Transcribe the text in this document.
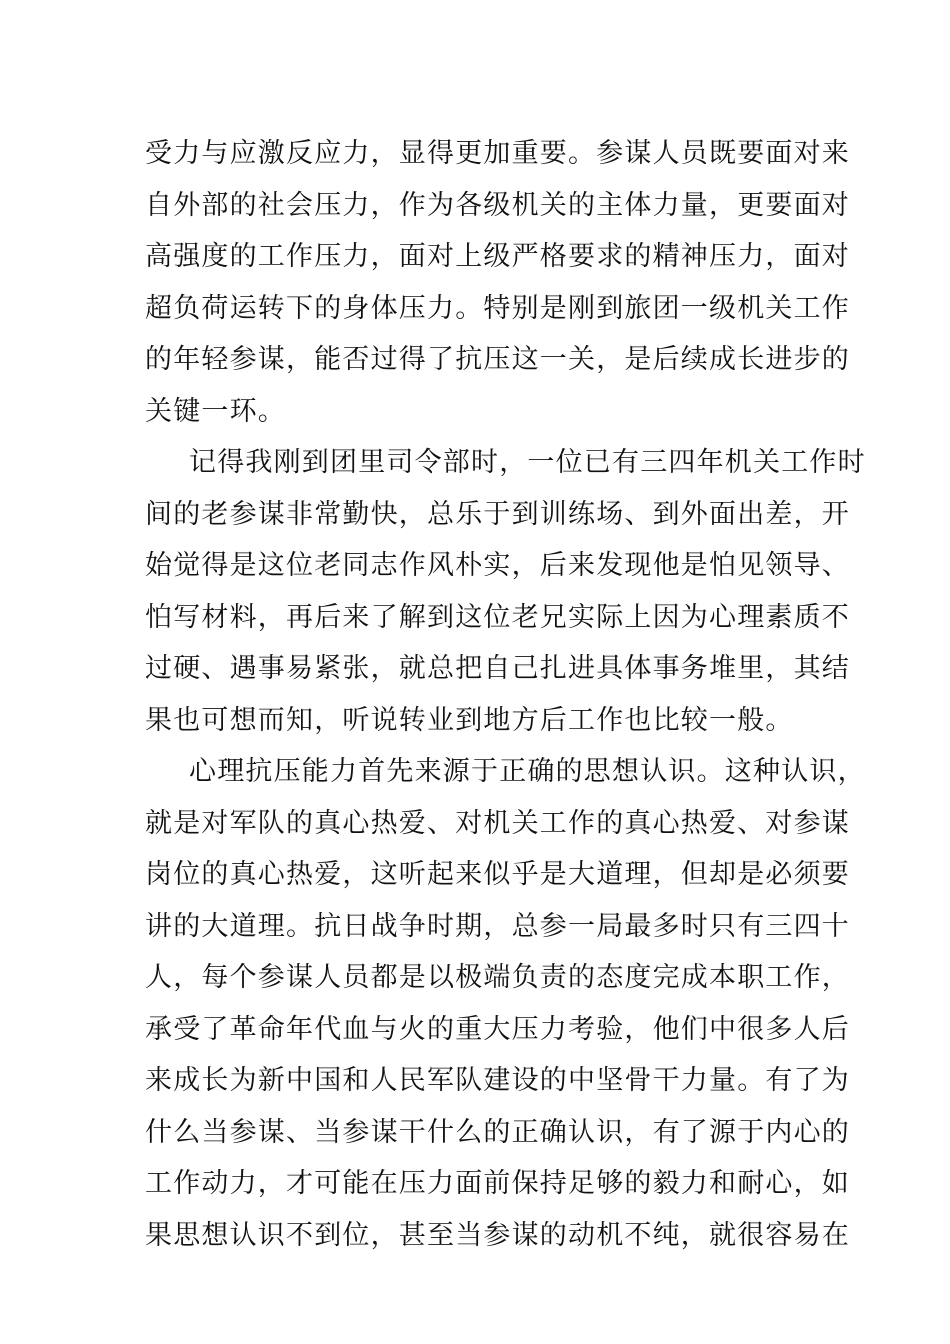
受力与应激反应力，显得更加重要。参谋人员既要面对来
自外部的社会压力，作为各级机关的主体力量，更要面对
高强度的工作压力，面对上级严格要求的精神压力，面对
超负荷运转下的身体压力。特别是刚到旅团一级机关工作
的年轻参谋，能否过得了抗压这一关，是后续成长进步的
关键一环。
记得我刚到团里司令部时，一位已有三四年机关工作时
间的老参谋非常勤快，总乐于到训练场、到外面出差，开
始觉得是这位老同志作风朴实，后来发现他是怕见领导、
怕写材料，再后来了解到这位老兄实际上因为心理素质不
过硬、遇事易紧张，就总把自己扎进具体事务堆里，其结
果也可想而知，听说转业到地方后工作也比较一般。
心理抗压能力首先来源于正确的思想认识。这种认识，
就是对军队的真心热爱、对机关工作的真心热爱、对参谋
岗位的真心热爱，这听起来似乎是大道理，但却是必须要
讲的大道理。抗日战争时期，总参一局最多时只有三四十
人，每个参谋人员都是以极端负责的态度完成本职工作，
承受了革命年代血与火的重大压力考验，他们中很多人后
来成长为新中国和人民军队建设的中坚骨干力量。有了为
什么当参谋、当参谋干什么的正确认识，有了源于内心的
工作动力，才可能在压力面前保持足够的毅力和耐心，如
果思想认识不到位，甚至当参谋的动机不纯，就很容易在
